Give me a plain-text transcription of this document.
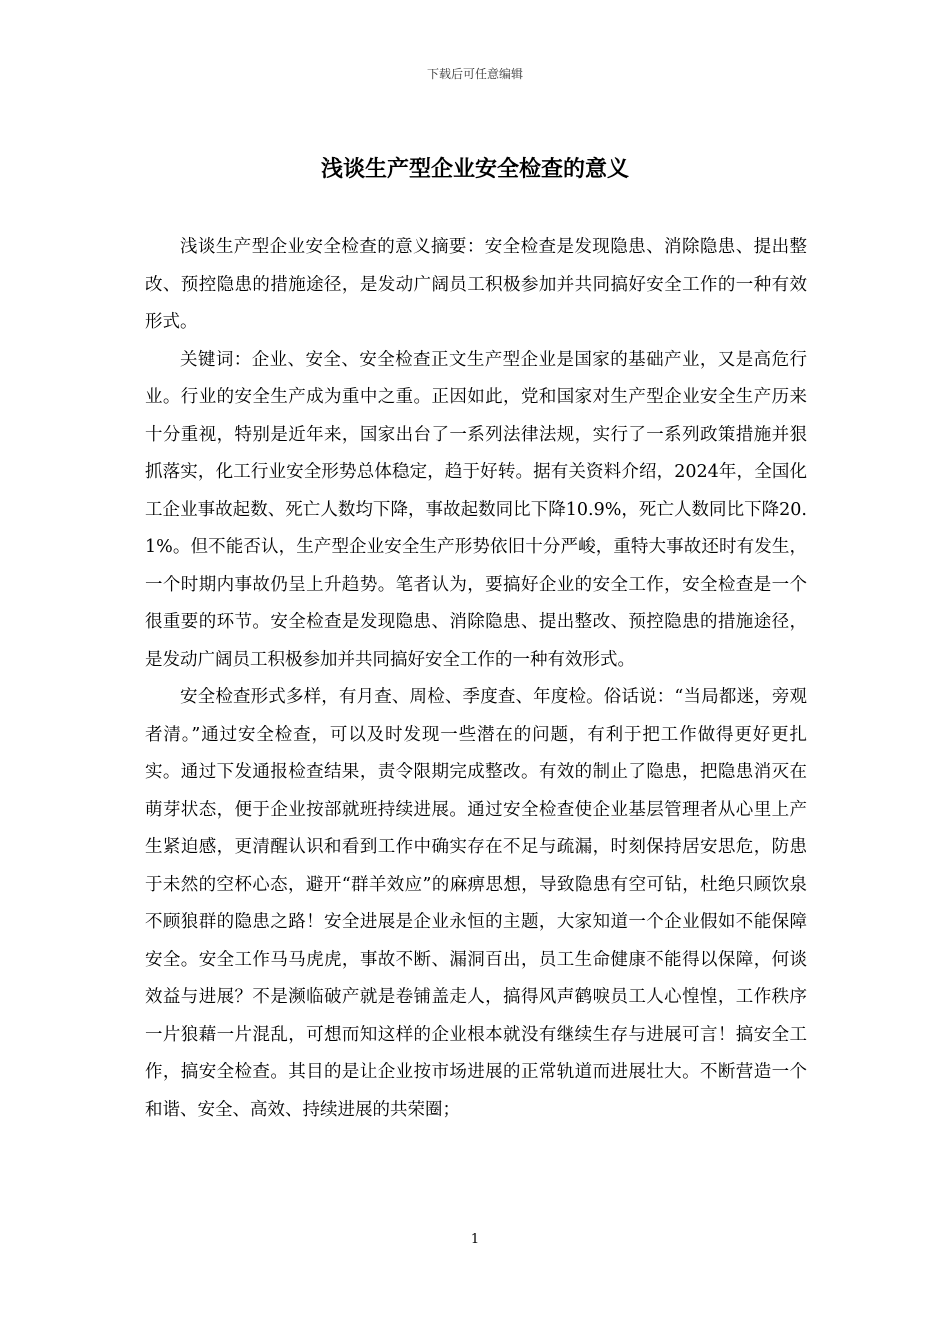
下载后可任意编辑
浅谈生产型企业安全检查的意义

浅谈生产型企业安全检查的意义摘要：安全检查是发现隐患、消除隐患、提出整改、预控隐患的措施途径，是发动广阔员工积极参加并共同搞好安全工作的一种有效形式。

关键词：企业、安全、安全检查正文生产型企业是国家的基础产业，又是高危行业。行业的安全生产成为重中之重。正因如此，党和国家对生产型企业安全生产历来十分重视，特别是近年来，国家出台了一系列法律法规，实行了一系列政策措施并狠抓落实，化工行业安全形势总体稳定，趋于好转。据有关资料介绍，2024年，全国化工企业事故起数、死亡人数均下降，事故起数同比下降10.9%，死亡人数同比下降20.1%。但不能否认，生产型企业安全生产形势依旧十分严峻，重特大事故还时有发生，一个时期内事故仍呈上升趋势。笔者认为，要搞好企业的安全工作，安全检查是一个很重要的环节。安全检查是发现隐患、消除隐患、提出整改、预控隐患的措施途径，是发动广阔员工积极参加并共同搞好安全工作的一种有效形式。

安全检查形式多样，有月查、周检、季度查、年度检。俗话说：“当局都迷，旁观者清。”通过安全检查，可以及时发现一些潜在的问题，有利于把工作做得更好更扎实。通过下发通报检查结果，责令限期完成整改。有效的制止了隐患，把隐患消灭在萌芽状态，便于企业按部就班持续进展。通过安全检查使企业基层管理者从心里上产生紧迫感，更清醒认识和看到工作中确实存在不足与疏漏，时刻保持居安思危，防患于未然的空杯心态，避开“群羊效应”的麻痹思想，导致隐患有空可钻，杜绝只顾饮泉不顾狼群的隐患之路！安全进展是企业永恒的主题，大家知道一个企业假如不能保障安全。安全工作马马虎虎，事故不断、漏洞百出，员工生命健康不能得以保障，何谈效益与进展？不是濒临破产就是卷铺盖走人，搞得风声鹤唳员工人心惶惶，工作秩序一片狼藉一片混乱，可想而知这样的企业根本就没有继续生存与进展可言！搞安全工作，搞安全检查。其目的是让企业按市场进展的正常轨道而进展壮大。不断营造一个和谐、安全、高效、持续进展的共荣圈；

1
